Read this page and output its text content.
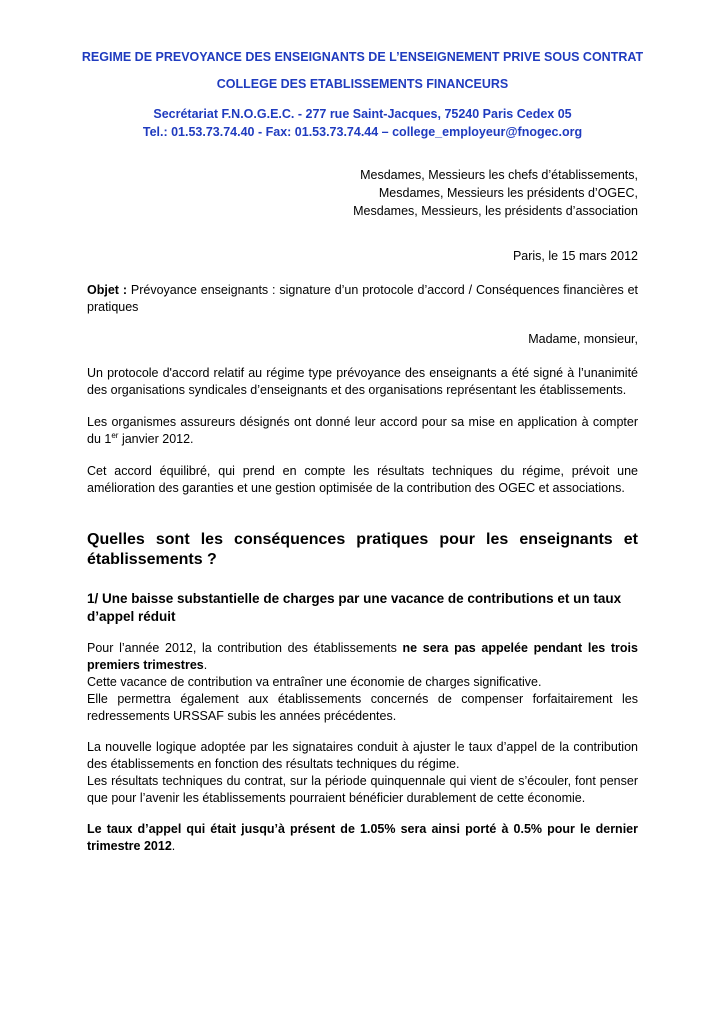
REGIME DE PREVOYANCE DES ENSEIGNANTS DE L’ENSEIGNEMENT PRIVE SOUS CONTRAT
COLLEGE DES ETABLISSEMENTS FINANCEURS
Secrétariat F.N.O.G.E.C. - 277 rue Saint-Jacques, 75240 Paris Cedex 05
Tel.: 01.53.73.74.40 - Fax: 01.53.73.74.44 – college_employeur@fnogec.org
Mesdames, Messieurs les chefs d’établissements,
Mesdames, Messieurs les présidents d’OGEC,
Mesdames, Messieurs, les présidents d’association
Paris, le 15 mars 2012
Objet : Prévoyance enseignants : signature d’un protocole d’accord / Conséquences financières et pratiques
Madame, monsieur,
Un protocole d'accord relatif au régime type prévoyance des enseignants a été signé à l’unanimité des organisations syndicales d’enseignants et des organisations représentant les établissements.
Les organismes assureurs désignés ont donné leur accord pour sa mise en application à compter du 1er janvier 2012.
Cet accord équilibré, qui prend en compte les résultats techniques du régime, prévoit une amélioration des garanties et une gestion optimisée de la contribution des OGEC et associations.
Quelles sont les conséquences pratiques pour les enseignants et établissements ?
1/ Une baisse substantielle de charges par une vacance de contributions et un taux d’appel réduit
Pour l’année 2012, la contribution des établissements ne sera pas appelée pendant les trois premiers trimestres.
Cette vacance de contribution va entraîner une économie de charges significative.
Elle permettra également aux établissements concernés de compenser forfaitairement les redressements URSSAF subis les années précédentes.
La nouvelle logique adoptée par les signataires conduit à ajuster le taux d’appel de la contribution des établissements en fonction des résultats techniques du régime.
Les résultats techniques du contrat, sur la période quinquennale qui vient de s’écouler, font penser que pour l’avenir les établissements pourraient bénéficier durablement de cette économie.
Le taux d’appel qui était jusqu’à présent de 1.05% sera ainsi porté à 0.5% pour le dernier trimestre 2012.
